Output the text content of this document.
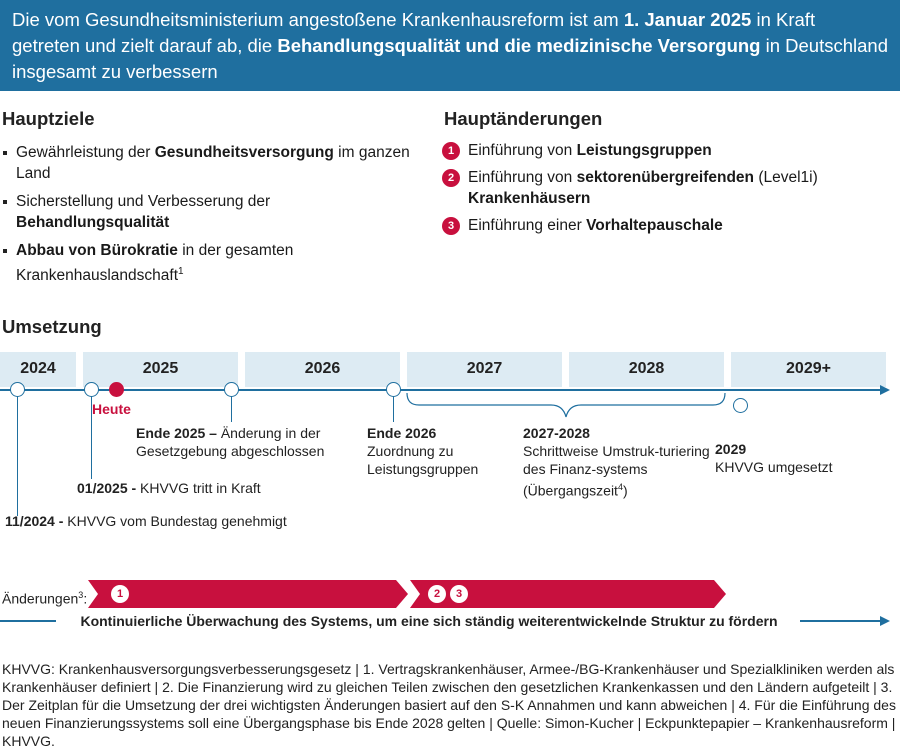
Die vom Gesundheitsministerium angestoßene Krankenhausreform ist am 1. Januar 2025 in Kraft getreten und zielt darauf ab, die Behandlungsqualität und die medizinische Versorgung in Deutschland insgesamt zu verbessern
Hauptziele
Gewährleistung der Gesundheitsversorgung im ganzen Land
Sicherstellung und Verbesserung der Behandlungsqualität
Abbau von Bürokratie in der gesamten Krankenhauslandschaft$^1$
Hauptänderungen
1 Einführung von Leistungsgruppen
2 Einführung von sektorenübergreifenden (Level1i) Krankenhäusern
3 Einführung einer Vorhaltepauschale
Umsetzung
2024	2025	2026	2027	2028	2029+
Heute
Ende 2025 – Änderung in der Gesetzgebung abgeschlossen
Ende 2026
Zuordnung zu Leistungsgruppen
2027-2028
Schrittweise Umstruk-turiering des Finanz-systems (Übergangszeit$^4$)
2029
KHVVG umgesetzt
01/2025 - KHVVG tritt in Kraft
11/2024 - KHVVG vom Bundestag genehmigt
Änderungen$^3$:	1	2	3
Kontinuierliche Überwachung des Systems, um eine sich ständig weiterentwickelnde Struktur zu fördern
KHVVG: Krankenhausversorgungsverbesserungsgesetz | 1. Vertragskrankenhäuser, Armee-/BG-Krankenhäuser und Spezialkliniken werden als Krankenhäuser definiert | 2. Die Finanzierung wird zu gleichen Teilen zwischen den gesetzlichen Krankenkassen und den Ländern aufgeteilt | 3. Der Zeitplan für die Umsetzung der drei wichtigsten Änderungen basiert auf den S-K Annahmen und kann abweichen | 4. Für die Einführung des neuen Finanzierungssystems soll eine Übergangsphase bis Ende 2028 gelten | Quelle: Simon-Kucher | Eckpunktepapier – Krankenhausreform | KHVVG.
